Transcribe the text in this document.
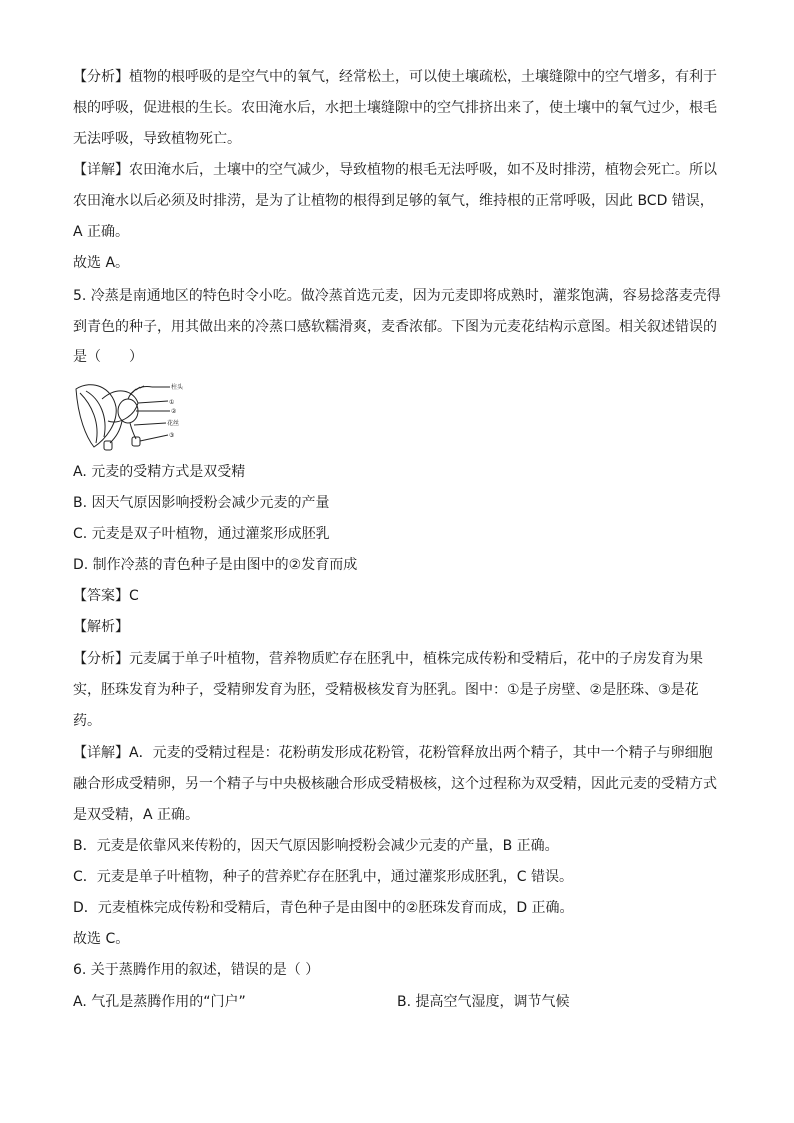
【分析】植物的根呼吸的是空气中的氧气，经常松土，可以使土壤疏松，土壤缝隙中的空气增多，有利于

根的呼吸，促进根的生长。农田淹水后，水把土壤缝隙中的空气排挤出来了，使土壤中的氧气过少，根毛

无法呼吸，导致植物死亡。

【详解】农田淹水后，土壤中的空气减少，导致植物的根毛无法呼吸，如不及时排涝，植物会死亡。所以

农田淹水以后必须及时排涝，是为了让植物的根得到足够的氧气，维持根的正常呼吸，因此 BCD 错误，

A 正确。

故选 A。

5. 冷蒸是南通地区的特色时令小吃。做冷蒸首选元麦，因为元麦即将成熟时，灌浆饱满，容易捻落麦壳得

到青色的种子，用其做出来的冷蒸口感软糯滑爽，麦香浓郁。下图为元麦花结构示意图。相关叙述错误的

是（　　）

柱头
①
②
花丝
③

A. 元麦的受精方式是双受精

B. 因天气原因影响授粉会减少元麦的产量

C. 元麦是双子叶植物，通过灌浆形成胚乳

D. 制作冷蒸的青色种子是由图中的②发育而成

【答案】C

【解析】

【分析】元麦属于单子叶植物，营养物质贮存在胚乳中，植株完成传粉和受精后，花中的子房发育为果

实，胚珠发育为种子，受精卵发育为胚，受精极核发育为胚乳。图中：①是子房壁、②是胚珠、③是花

药。

【详解】A．元麦的受精过程是：花粉萌发形成花粉管，花粉管释放出两个精子，其中一个精子与卵细胞

融合形成受精卵，另一个精子与中央极核融合形成受精极核，这个过程称为双受精，因此元麦的受精方式

是双受精，A 正确。

B．元麦是依靠风来传粉的，因天气原因影响授粉会减少元麦的产量，B 正确。

C．元麦是单子叶植物，种子的营养贮存在胚乳中，通过灌浆形成胚乳，C 错误。

D．元麦植株完成传粉和受精后，青色种子是由图中的②胚珠发育而成，D 正确。

故选 C。

6. 关于蒸腾作用的叙述，错误的是（ ）

A. 气孔是蒸腾作用的“门户”	B. 提高空气湿度，调节气候
